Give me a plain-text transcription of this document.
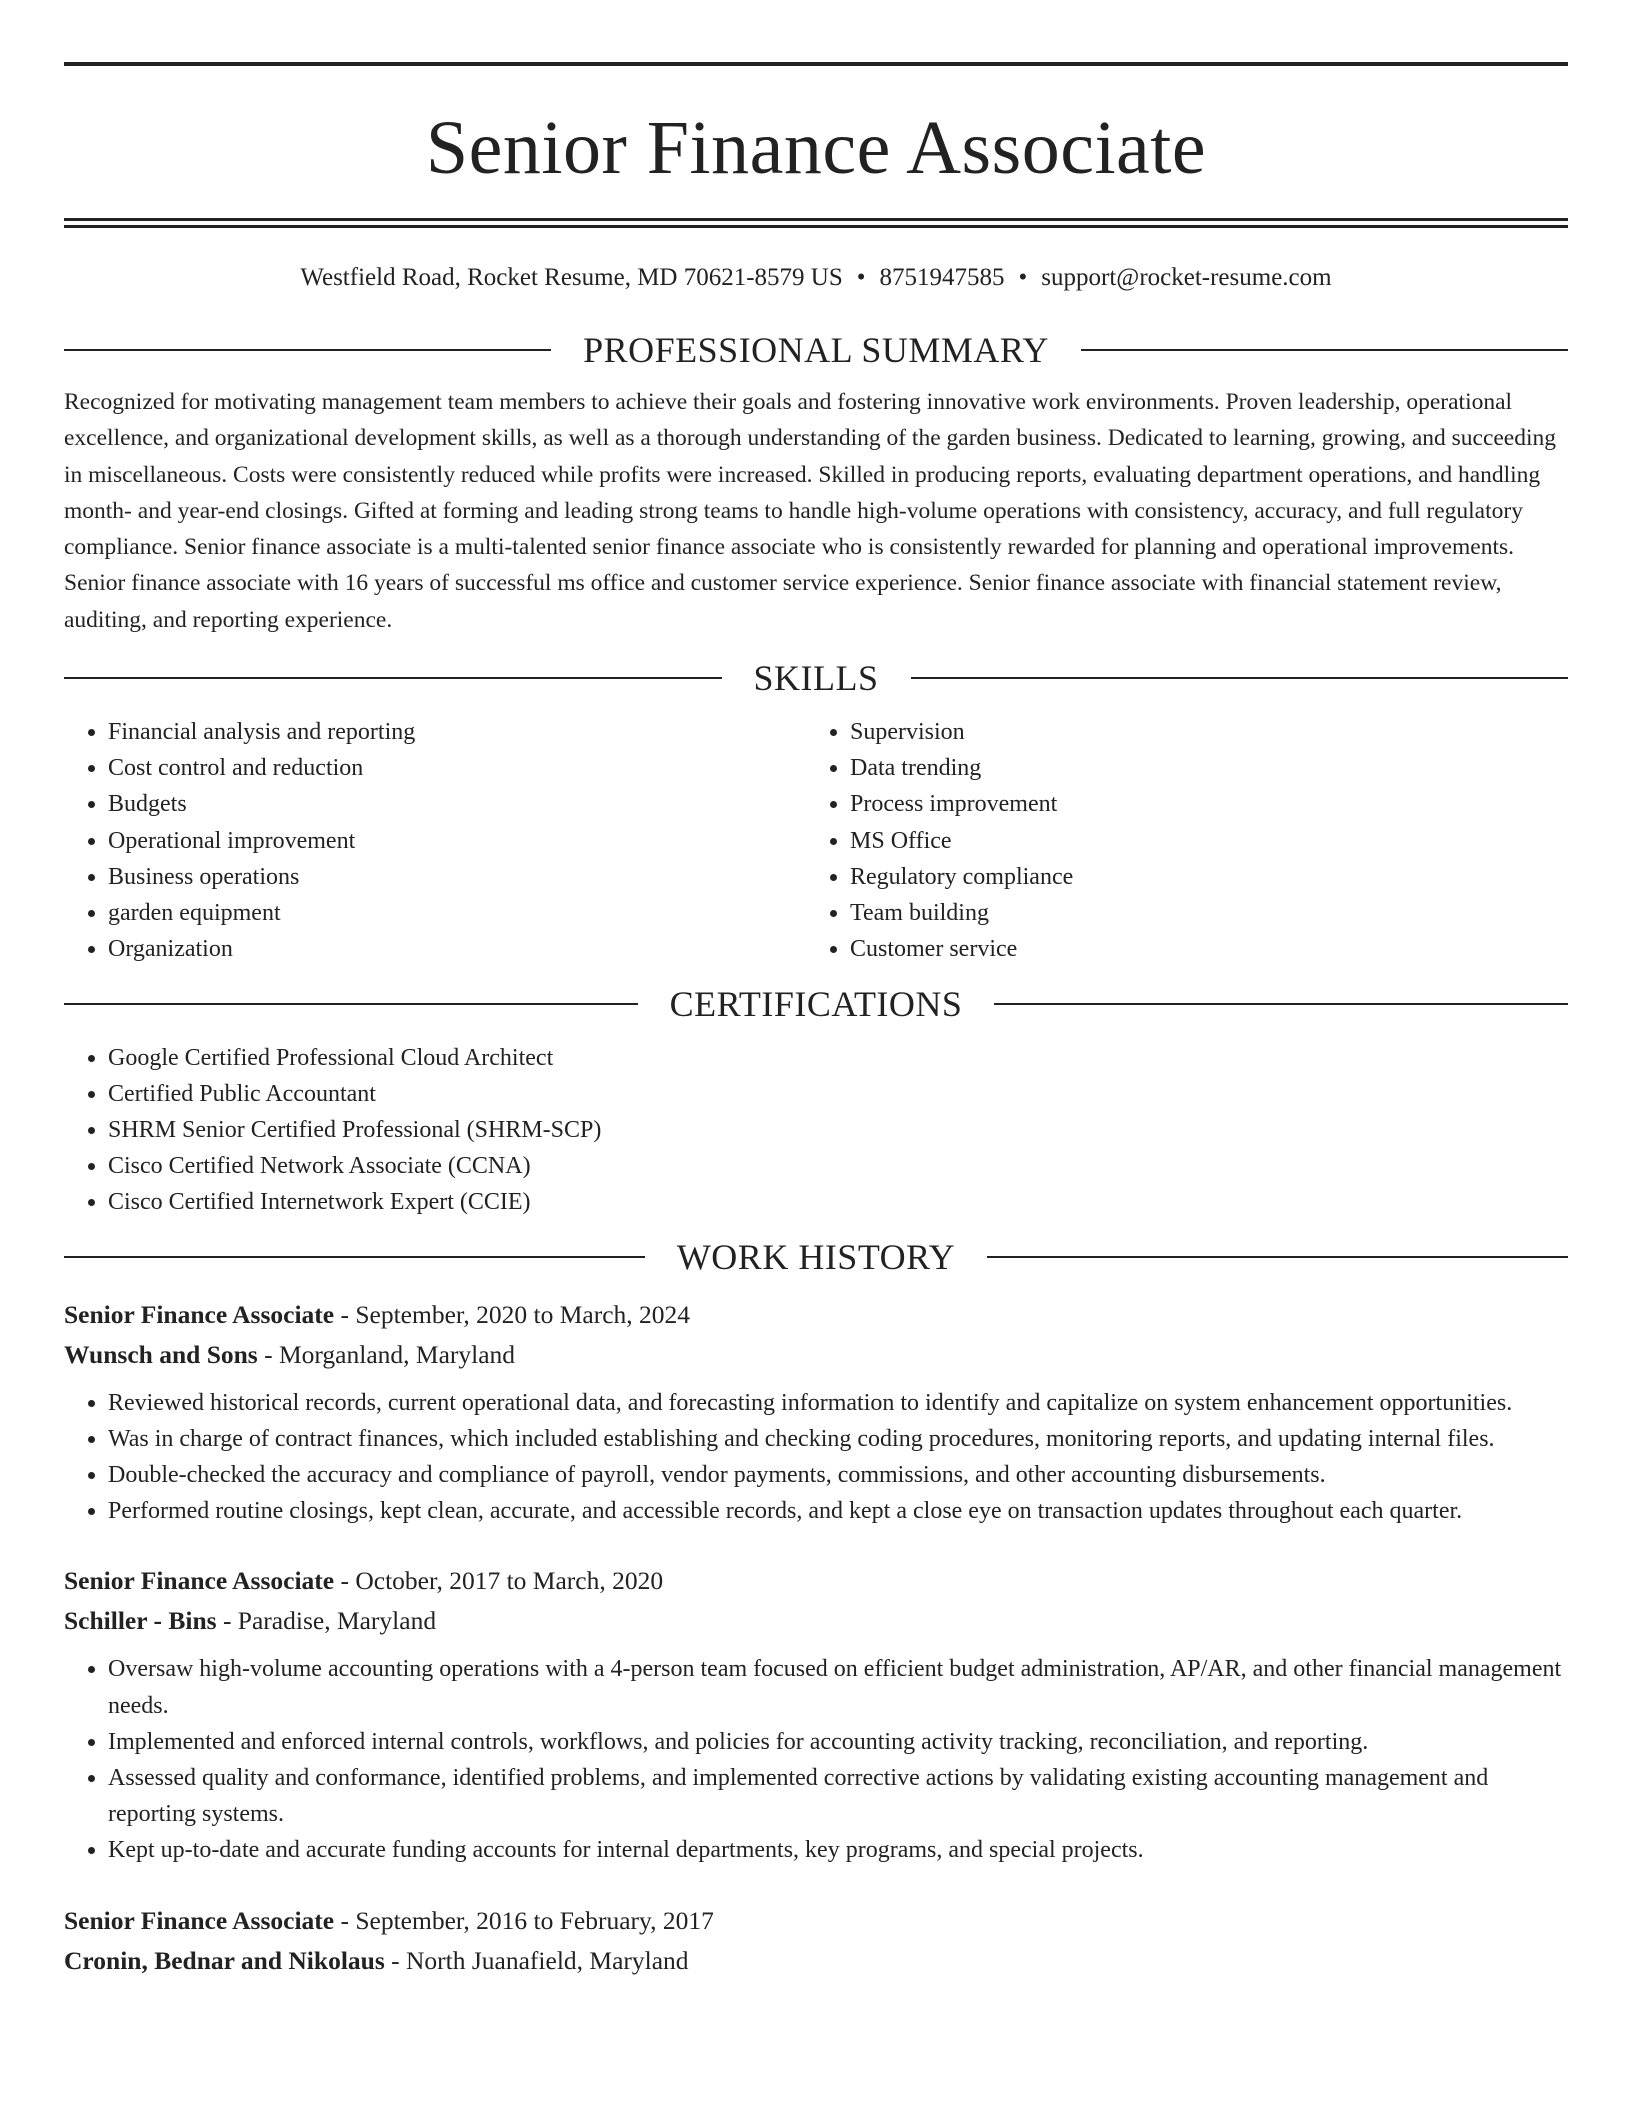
Senior Finance Associate
Westfield Road, Rocket Resume, MD 70621-8579 US • 8751947585 • support@rocket-resume.com
PROFESSIONAL SUMMARY

Recognized for motivating management team members to achieve their goals and fostering innovative work environments. Proven leadership, operational excellence, and organizational development skills, as well as a thorough understanding of the garden business. Dedicated to learning, growing, and succeeding in miscellaneous. Costs were consistently reduced while profits were increased. Skilled in producing reports, evaluating department operations, and handling month- and year-end closings. Gifted at forming and leading strong teams to handle high-volume operations with consistency, accuracy, and full regulatory compliance. Senior finance associate is a multi-talented senior finance associate who is consistently rewarded for planning and operational improvements. Senior finance associate with 16 years of successful ms office and customer service experience. Senior finance associate with financial statement review, auditing, and reporting experience.

SKILLS
• Financial analysis and reporting
• Cost control and reduction
• Budgets
• Operational improvement
• Business operations
• garden equipment
• Organization
• Supervision
• Data trending
• Process improvement
• MS Office
• Regulatory compliance
• Team building
• Customer service
CERTIFICATIONS
• Google Certified Professional Cloud Architect
• Certified Public Accountant
• SHRM Senior Certified Professional (SHRM-SCP)
• Cisco Certified Network Associate (CCNA)
• Cisco Certified Internetwork Expert (CCIE)
WORK HISTORY
Senior Finance Associate - September, 2020 to March, 2024
Wunsch and Sons - Morganland, Maryland
• Reviewed historical records, current operational data, and forecasting information to identify and capitalize on system enhancement opportunities.
• Was in charge of contract finances, which included establishing and checking coding procedures, monitoring reports, and updating internal files.
• Double-checked the accuracy and compliance of payroll, vendor payments, commissions, and other accounting disbursements.
• Performed routine closings, kept clean, accurate, and accessible records, and kept a close eye on transaction updates throughout each quarter.
Senior Finance Associate - October, 2017 to March, 2020
Schiller - Bins - Paradise, Maryland
• Oversaw high-volume accounting operations with a 4-person team focused on efficient budget administration, AP/AR, and other financial management needs.
• Implemented and enforced internal controls, workflows, and policies for accounting activity tracking, reconciliation, and reporting.
• Assessed quality and conformance, identified problems, and implemented corrective actions by validating existing accounting management and reporting systems.
• Kept up-to-date and accurate funding accounts for internal departments, key programs, and special projects.
Senior Finance Associate - September, 2016 to February, 2017
Cronin, Bednar and Nikolaus - North Juanafield, Maryland
